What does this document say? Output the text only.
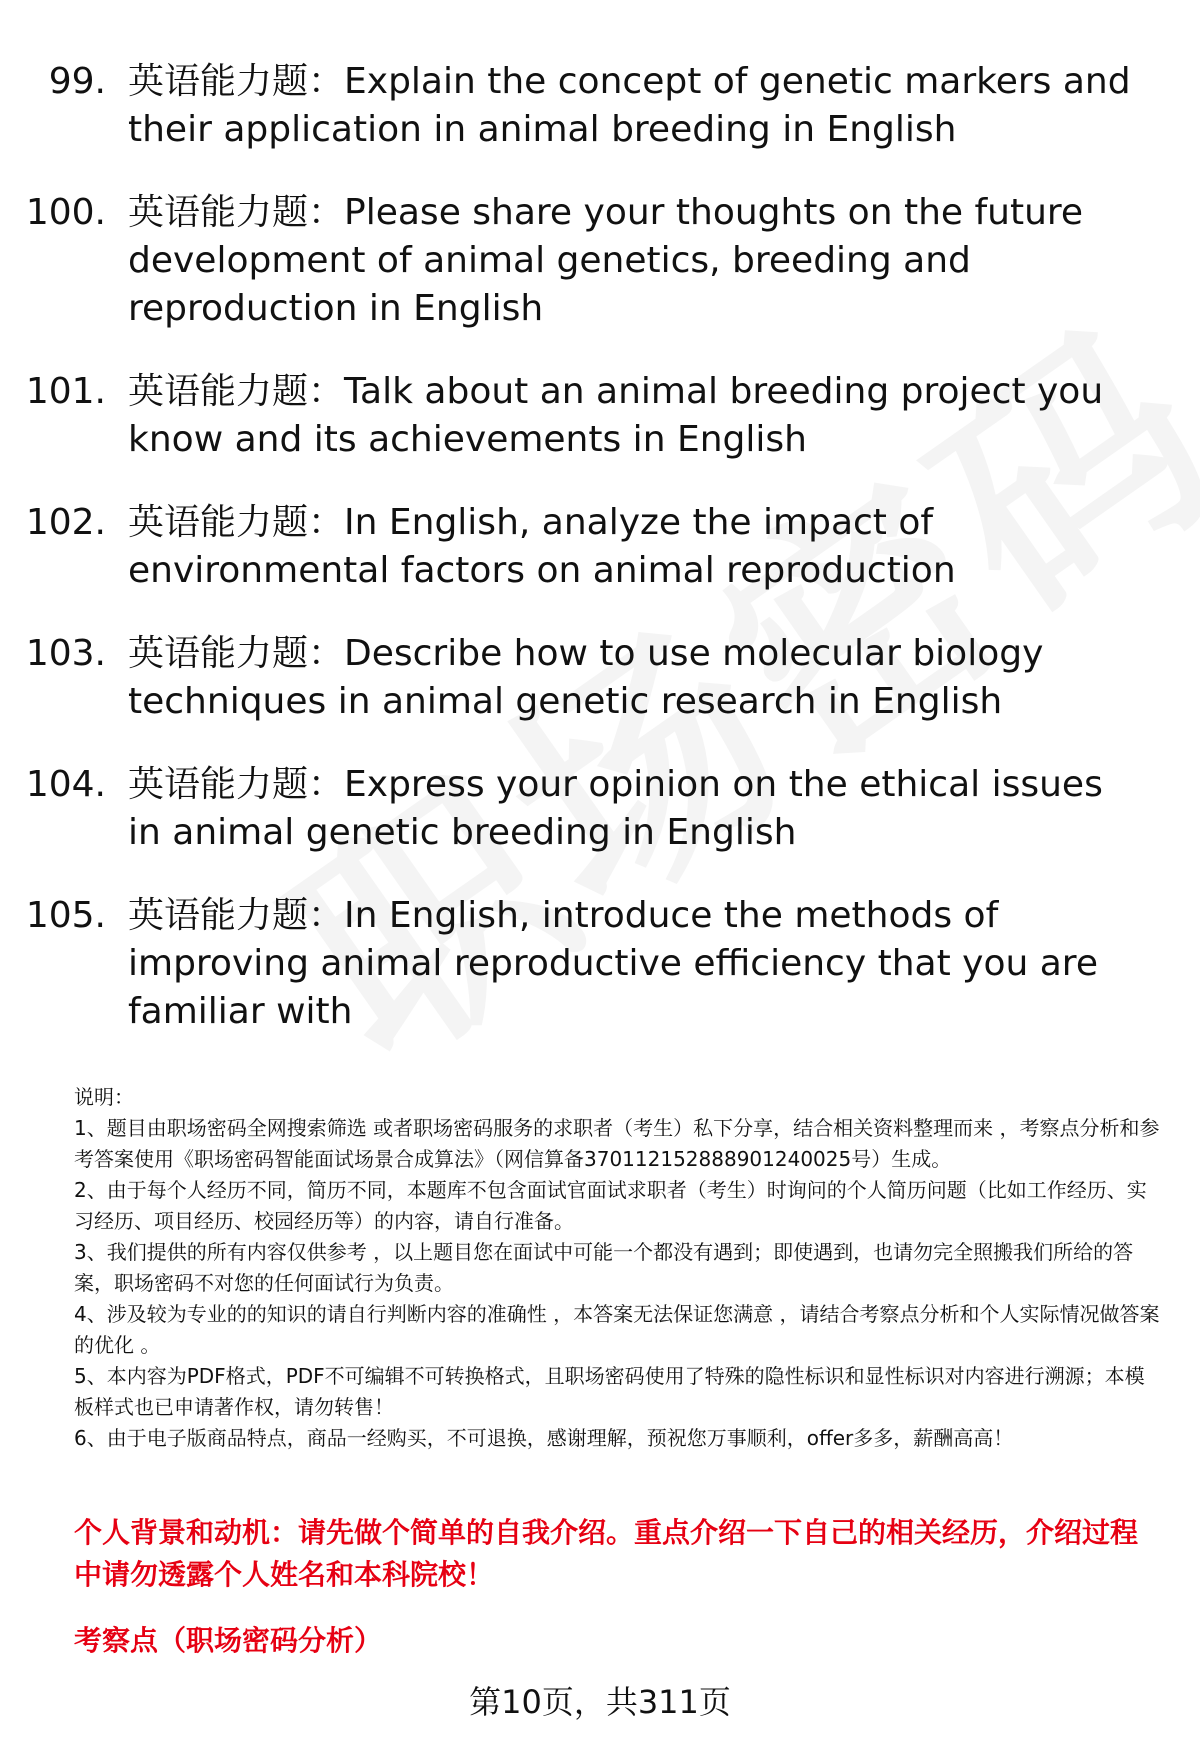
99. 英语能力题：Explain the concept of genetic markers and their application in animal breeding in English
100. 英语能力题：Please share your thoughts on the future development of animal genetics, breeding and reproduction in English
101. 英语能力题：Talk about an animal breeding project you know and its achievements in English
102. 英语能力题：In English, analyze the impact of environmental factors on animal reproduction
103. 英语能力题：Describe how to use molecular biology techniques in animal genetic research in English
104. 英语能力题：Express your opinion on the ethical issues in animal genetic breeding in English
105. 英语能力题：In English, introduce the methods of improving animal reproductive efficiency that you are familiar with
说明：
1、题目由职场密码全网搜索筛选 或者职场密码服务的求职者（考生）私下分享，结合相关资料整理而来 ，考察点分析和参考答案使用《职场密码智能面试场景合成算法》（网信算备370112152888901240025号）生成。
2、由于每个人经历不同，简历不同，本题库不包含面试官面试求职者（考生）时询问的个人简历问题（比如工作经历、实习经历、项目经历、校园经历等）的内容，请自行准备。
3、我们提供的所有内容仅供参考 ，以上题目您在面试中可能一个都没有遇到；即使遇到，也请勿完全照搬我们所给的答案，职场密码不对您的任何面试行为负责。
4、涉及较为专业的的知识的请自行判断内容的准确性 ，本答案无法保证您满意 ，请结合考察点分析和个人实际情况做答案的优化 。
5、本内容为PDF格式，PDF不可编辑不可转换格式，且职场密码使用了特殊的隐性标识和显性标识对内容进行溯源；本模板样式也已申请著作权，请勿转售！
6、由于电子版商品特点，商品一经购买，不可退换，感谢理解，预祝您万事顺利，offer多多，薪酬高高！
个人背景和动机：请先做个简单的自我介绍。重点介绍一下自己的相关经历，介绍过程中请勿透露个人姓名和本科院校！
考察点（职场密码分析）
第10页，共311页
